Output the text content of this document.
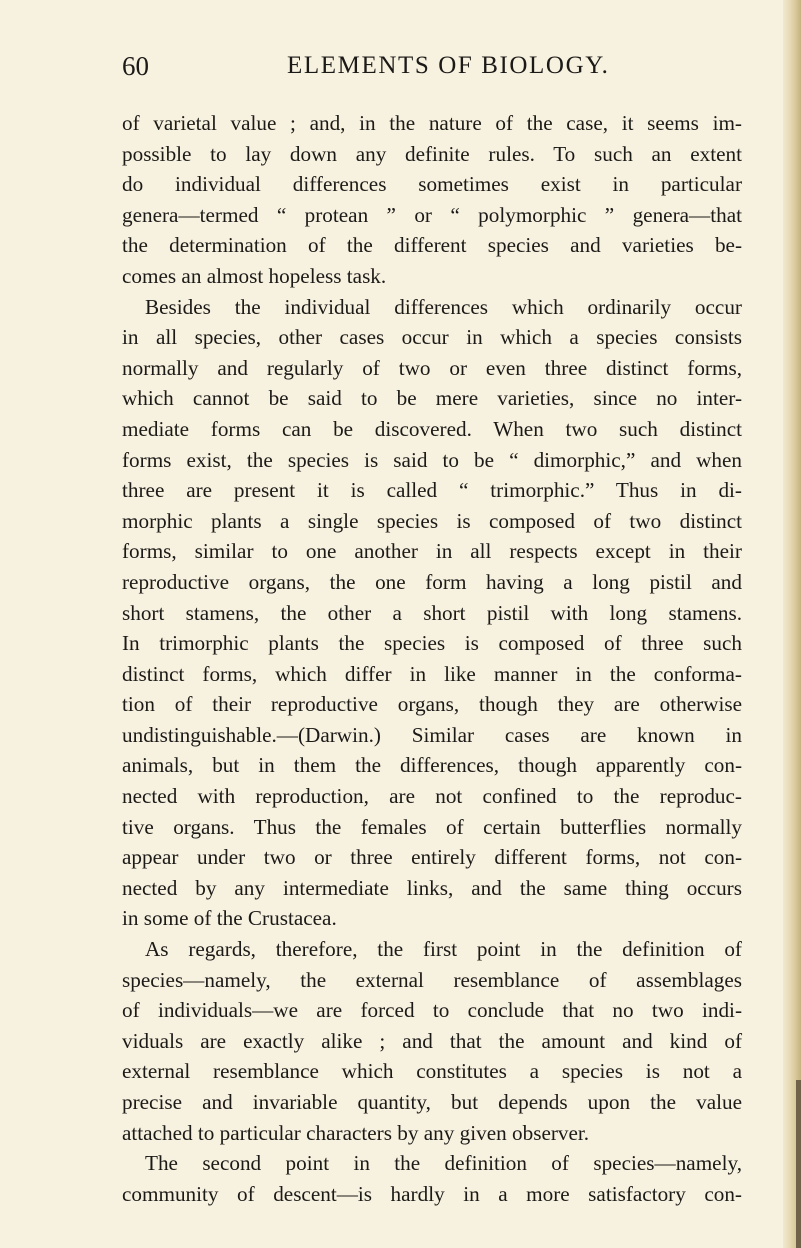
60	ELEMENTS OF BIOLOGY.
of varietal value ; and, in the nature of the case, it seems im-
possible to lay down any definite rules. To such an extent
do individual differences sometimes exist in particular
genera—termed “ protean ” or “ polymorphic ” genera—that
the determination of the different species and varieties be-
comes an almost hopeless task.
Besides the individual differences which ordinarily occur
in all species, other cases occur in which a species consists
normally and regularly of two or even three distinct forms,
which cannot be said to be mere varieties, since no inter-
mediate forms can be discovered. When two such distinct
forms exist, the species is said to be “ dimorphic,” and when
three are present it is called “ trimorphic.” Thus in di-
morphic plants a single species is composed of two distinct
forms, similar to one another in all respects except in their
reproductive organs, the one form having a long pistil and
short stamens, the other a short pistil with long stamens.
In trimorphic plants the species is composed of three such
distinct forms, which differ in like manner in the conforma-
tion of their reproductive organs, though they are otherwise
undistinguishable.—(Darwin.) Similar cases are known in
animals, but in them the differences, though apparently con-
nected with reproduction, are not confined to the reproduc-
tive organs. Thus the females of certain butterflies normally
appear under two or three entirely different forms, not con-
nected by any intermediate links, and the same thing occurs
in some of the Crustacea.
As regards, therefore, the first point in the definition of
species—namely, the external resemblance of assemblages
of individuals—we are forced to conclude that no two indi-
viduals are exactly alike ; and that the amount and kind of
external resemblance which constitutes a species is not a
precise and invariable quantity, but depends upon the value
attached to particular characters by any given observer.
The second point in the definition of species—namely,
community of descent—is hardly in a more satisfactory con-
